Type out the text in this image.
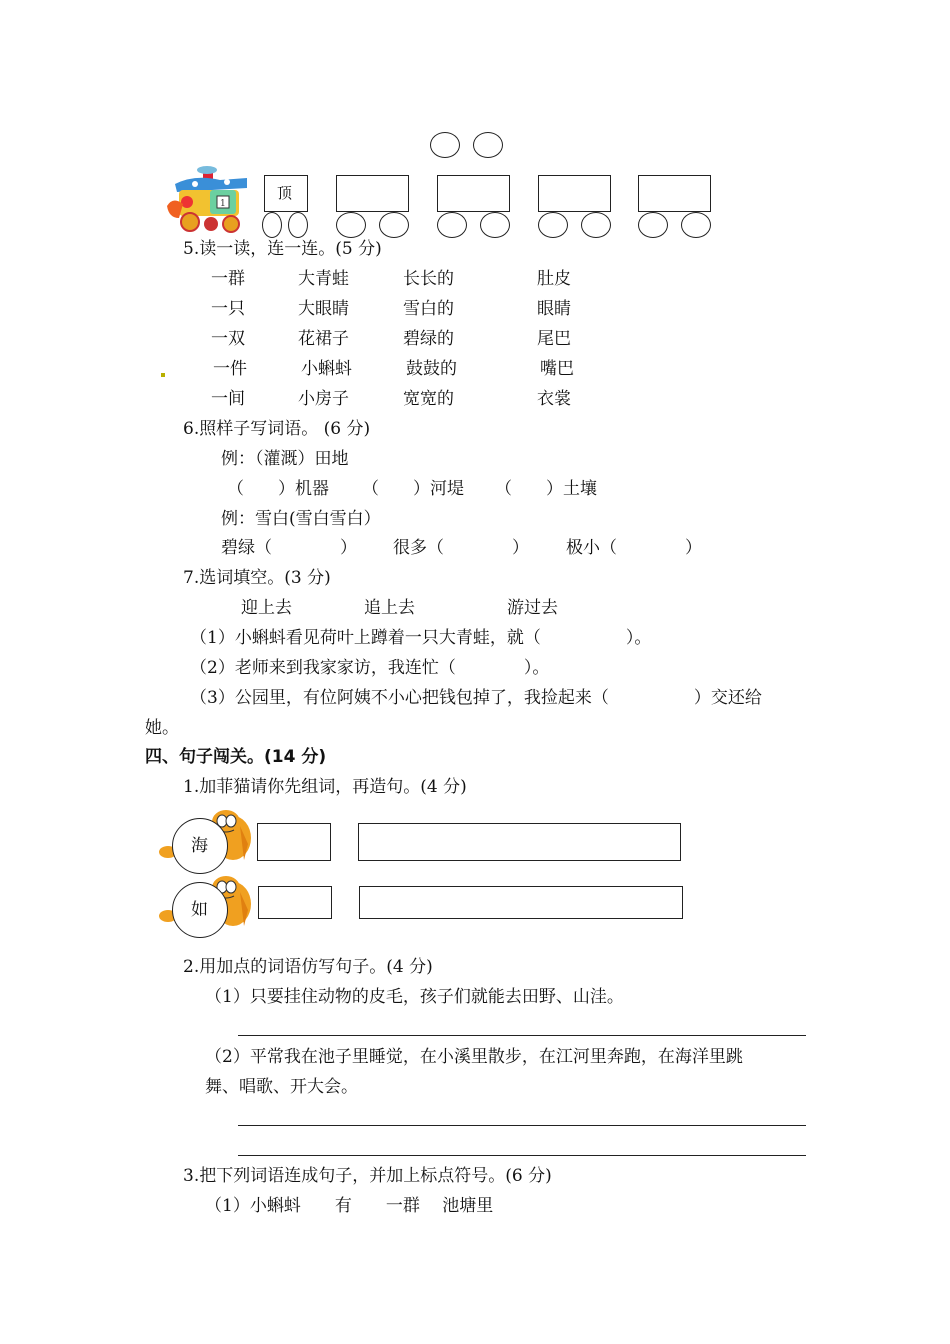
1
顶
5.读一读，连一连。(5 分)
一群
一只
一双
一件
一间
大青蛙
大眼睛
花裙子
小蝌蚪
小房子
长长的
雪白的
碧绿的
鼓鼓的
宽宽的
肚皮
眼睛
尾巴
嘴巴
衣裳
6.照样子写词语。 (6 分)
例：（灌溉）田地
（　　）机器 （　　）河堤 （　　）土壤
例：雪白(雪白雪白）
碧绿（　　　　） 很多（　　　　） 极小（　　　　）
7.选词填空。(3 分)
迎上去	追上去	游过去
（1）小蝌蚪看见荷叶上蹲着一只大青蛙，就（　　　　　）。
（2）老师来到我家家访，我连忙（　　　　）。
（3）公园里，有位阿姨不小心把钱包掉了，我捡起来（　　　　　）交还给
她。
四、句子闯关。(14 分)
1.加菲猫请你先组词，再造句。(4 分)
海
如
2.用加点的词语仿写句子。(4 分)
（1）只要挂住动物的皮毛，孩子们就能去田野、山洼。
（2）平常我在池子里睡觉，在小溪里散步，在江河里奔跑，在海洋里跳
舞、唱歌、开大会。
3.把下列词语连成句子，并加上标点符号。(6 分)
（1）小蝌蚪　　有　　一群　 池塘里
